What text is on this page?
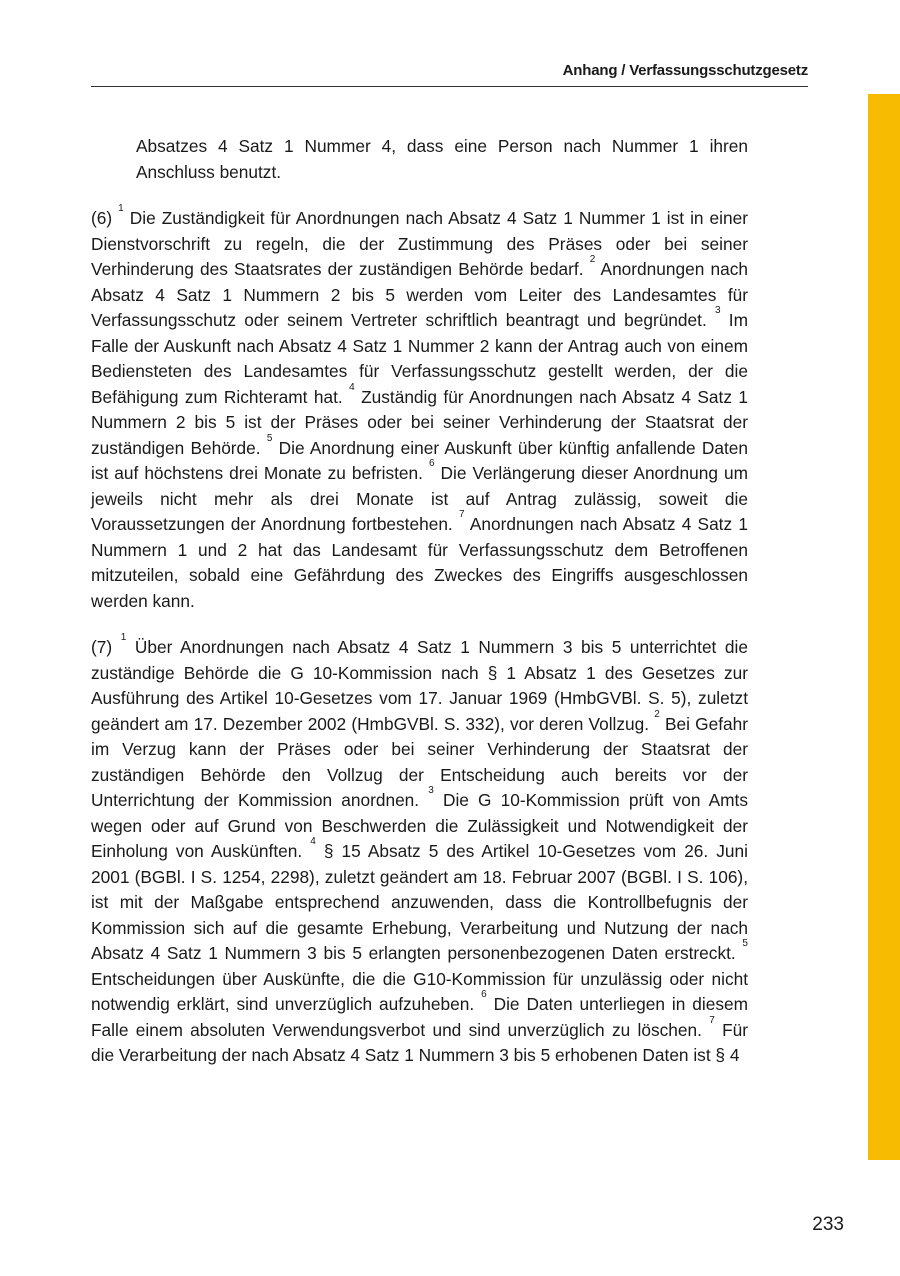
Anhang / Verfassungsschutzgesetz

Absatzes 4 Satz 1 Nummer 4, dass eine Person nach Nummer 1 ihren Anschluss benutzt.

(6) $^1$ Die Zuständigkeit für Anordnungen nach Absatz 4 Satz 1 Nummer 1 ist in einer Dienstvorschrift zu regeln, die der Zustimmung des Präses oder bei seiner Verhinderung des Staatsrates der zuständigen Behörde bedarf. $^2$ Anordnungen nach Absatz 4 Satz 1 Nummern 2 bis 5 werden vom Leiter des Landesamtes für Verfassungsschutz oder seinem Vertreter schriftlich beantragt und begründet. $^3$ Im Falle der Auskunft nach Absatz 4 Satz 1 Nummer 2 kann der Antrag auch von einem Bediensteten des Landesamtes für Verfassungsschutz gestellt werden, der die Befähigung zum Richteramt hat. $^4$ Zuständig für Anordnungen nach Absatz 4 Satz 1 Nummern 2 bis 5 ist der Präses oder bei seiner Verhinderung der Staatsrat der zuständigen Behörde. $^5$ Die Anordnung einer Auskunft über künftig anfallende Daten ist auf höchstens drei Monate zu befristen. $^6$ Die Verlängerung dieser Anordnung um jeweils nicht mehr als drei Monate ist auf Antrag zulässig, soweit die Voraussetzungen der Anordnung fortbestehen. $^7$ Anordnungen nach Absatz 4 Satz 1 Nummern 1 und 2 hat das Landesamt für Verfassungsschutz dem Betroffenen mitzuteilen, sobald eine Gefährdung des Zweckes des Eingriffs ausgeschlossen werden kann.

(7) $^1$ Über Anordnungen nach Absatz 4 Satz 1 Nummern 3 bis 5 unterrichtet die zuständige Behörde die G 10-Kommission nach § 1 Absatz 1 des Gesetzes zur Ausführung des Artikel 10-Gesetzes vom 17. Januar 1969 (HmbGVBl. S. 5), zuletzt geändert am 17. Dezember 2002 (HmbGVBl. S. 332), vor deren Vollzug. $^2$ Bei Gefahr im Verzug kann der Präses oder bei seiner Verhinderung der Staatsrat der zuständigen Behörde den Vollzug der Entscheidung auch bereits vor der Unterrichtung der Kommission anordnen. $^3$ Die G 10-Kommission prüft von Amts wegen oder auf Grund von Beschwerden die Zulässigkeit und Notwendigkeit der Einholung von Auskünften. $^4$ § 15 Absatz 5 des Artikel 10-Gesetzes vom 26. Juni 2001 (BGBl. I S. 1254, 2298), zuletzt geändert am 18. Februar 2007 (BGBl. I S. 106), ist mit der Maßgabe entsprechend anzuwenden, dass die Kontrollbefugnis der Kommission sich auf die gesamte Erhebung, Verarbeitung und Nutzung der nach Absatz 4 Satz 1 Nummern 3 bis 5 erlangten personenbezogenen Daten erstreckt. $^5$ Entscheidungen über Auskünfte, die die G10-Kommission für unzulässig oder nicht notwendig erklärt, sind unverzüglich aufzuheben. $^6$ Die Daten unterliegen in diesem Falle einem absoluten Verwendungsverbot und sind unverzüglich zu löschen. $^7$ Für die Verarbeitung der nach Absatz 4 Satz 1 Nummern 3 bis 5 erhobenen Daten ist § 4

233
